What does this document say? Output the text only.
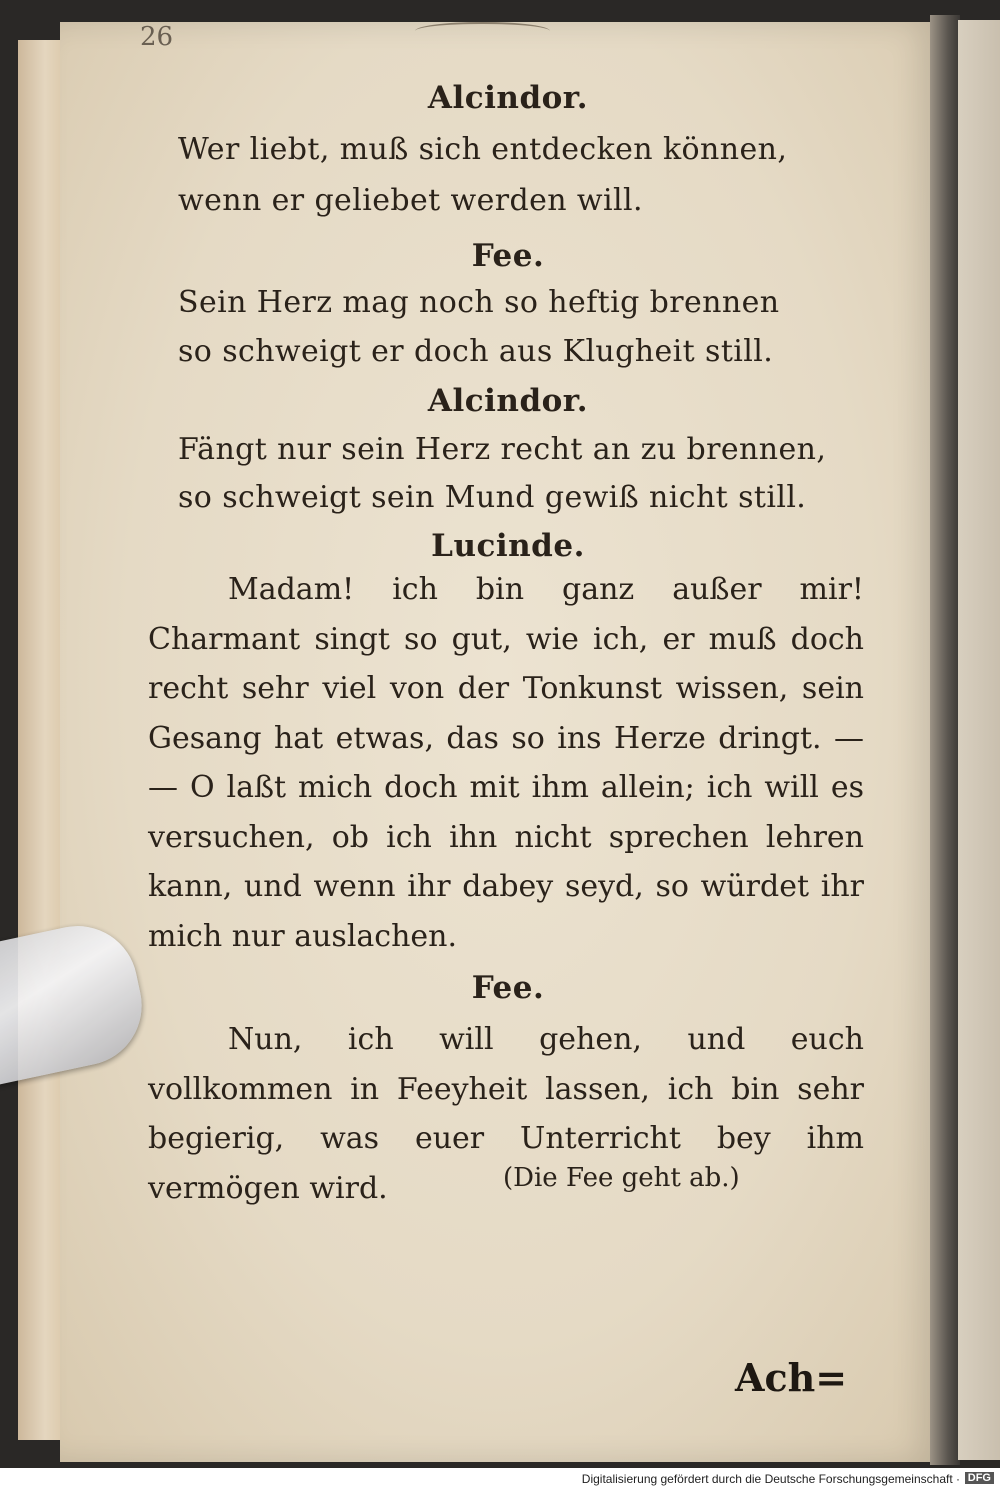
26
Alcindor.
Wer liebt, muß sich entdecken können,
wenn er geliebet werden will.
Fee.
Sein Herz mag noch so heftig brennen
so schweigt er doch aus Klugheit still.
Alcindor.
Fängt nur sein Herz recht an zu brennen,
so schweigt sein Mund gewiß nicht still.
Lucinde.
Madam! ich bin ganz außer mir! Charmant singt so gut, wie ich, er muß doch recht sehr viel von der Tonkunst wissen, sein Gesang hat etwas, das so ins Herze dringt. — — O laßt mich doch mit ihm allein; ich will es versuchen, ob ich ihn nicht sprechen lehren kann, und wenn ihr dabey seyd, so würdet ihr mich nur auslachen.
Fee.
Nun, ich will gehen, und euch vollkommen in Feeyheit lassen, ich bin sehr begierig, was euer Unterricht bey ihm vermögen wird.	(Die Fee geht ab.)
Ach=
Digitalisierung gefördert durch die Deutsche Forschungsgemeinschaft · DFG
